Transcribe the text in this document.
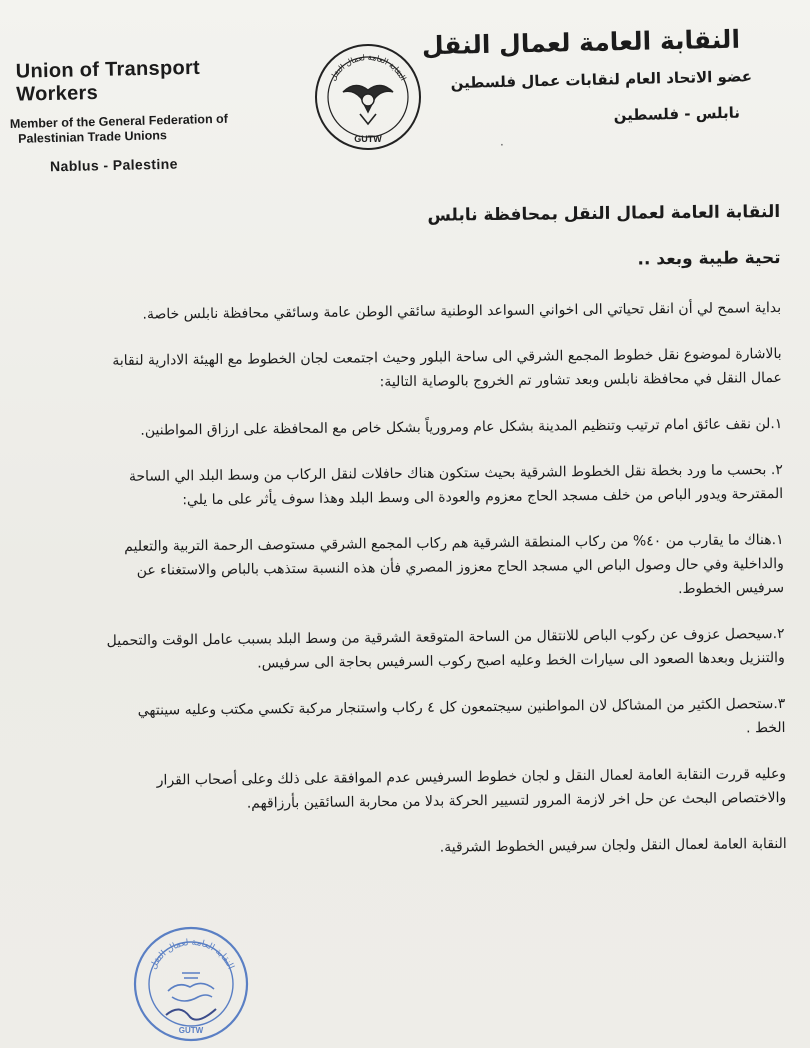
Union of Transport Workers
Member of the General Federation of
Palestinian Trade Unions
Nablus - Palestine
النقابة العامة لعمال النقل
GUTW
النقابة العامة لعمال النقل
عضو الاتحاد العام لنقابات عمال فلسطين
نابلس - فلسطين
·
النقابة العامة لعمال النقل بمحافظة نابلس
تحية طيبة وبعد ..

بداية اسمح لي أن انقل تحياتي الى اخواني السواعد الوطنية سائقي الوطن عامة وسائقي محافظة نابلس خاصة.

بالاشارة لموضوع نقل خطوط المجمع الشرقي الى ساحة البلور وحيث اجتمعت لجان الخطوط مع الهيئة الادارية لنقابة عمال النقل في محافظة نابلس وبعد تشاور تم الخروج بالوصاية التالية:

١.لن نقف عائق امام ترتيب وتنظيم المدينة بشكل عام ومرورياً بشكل خاص مع المحافظة على ارزاق المواطنين.

٢. بحسب ما ورد بخطة نقل الخطوط الشرقية بحيث ستكون هناك حافلات لنقل الركاب من وسط البلد الي الساحة المقترحة ويدور الباص من خلف مسجد الحاج معزوم والعودة الى وسط البلد وهذا سوف يأثر على ما يلي:

١.هناك ما يقارب من ٤٠% من ركاب المنطقة الشرقية هم ركاب المجمع الشرقي مستوصف الرحمة التربية والتعليم والداخلية وفي حال وصول الباص الي مسجد الحاج معزوز المصري فأن هذه النسبة ستذهب بالباص والاستغناء عن سرفيس الخطوط.

٢.سيحصل عزوف عن ركوب الباص للانتقال من الساحة المتوقعة الشرقية من وسط البلد بسبب عامل الوقت والتحميل والتنزيل وبعدها الصعود الى سيارات الخط وعليه اصبح ركوب السرفيس بحاجة الى سرفيس.

٣.ستحصل الكثير من المشاكل لان المواطنين سيجتمعون كل ٤ ركاب واستنجار مركبة تكسي مكتب وعليه سينتهي الخط .

وعليه قررت النقابة العامة لعمال النقل و لجان خطوط السرفيس عدم الموافقة على ذلك وعلى أصحاب القرار والاختصاص البحث عن حل اخر لازمة المرور لتسيير الحركة بدلا من محاربة السائقين بأرزاقهم.

النقابة العامة لعمال النقل ولجان سرفيس الخطوط الشرقية.

النقابة العامة لعمال النقل
GUTW
